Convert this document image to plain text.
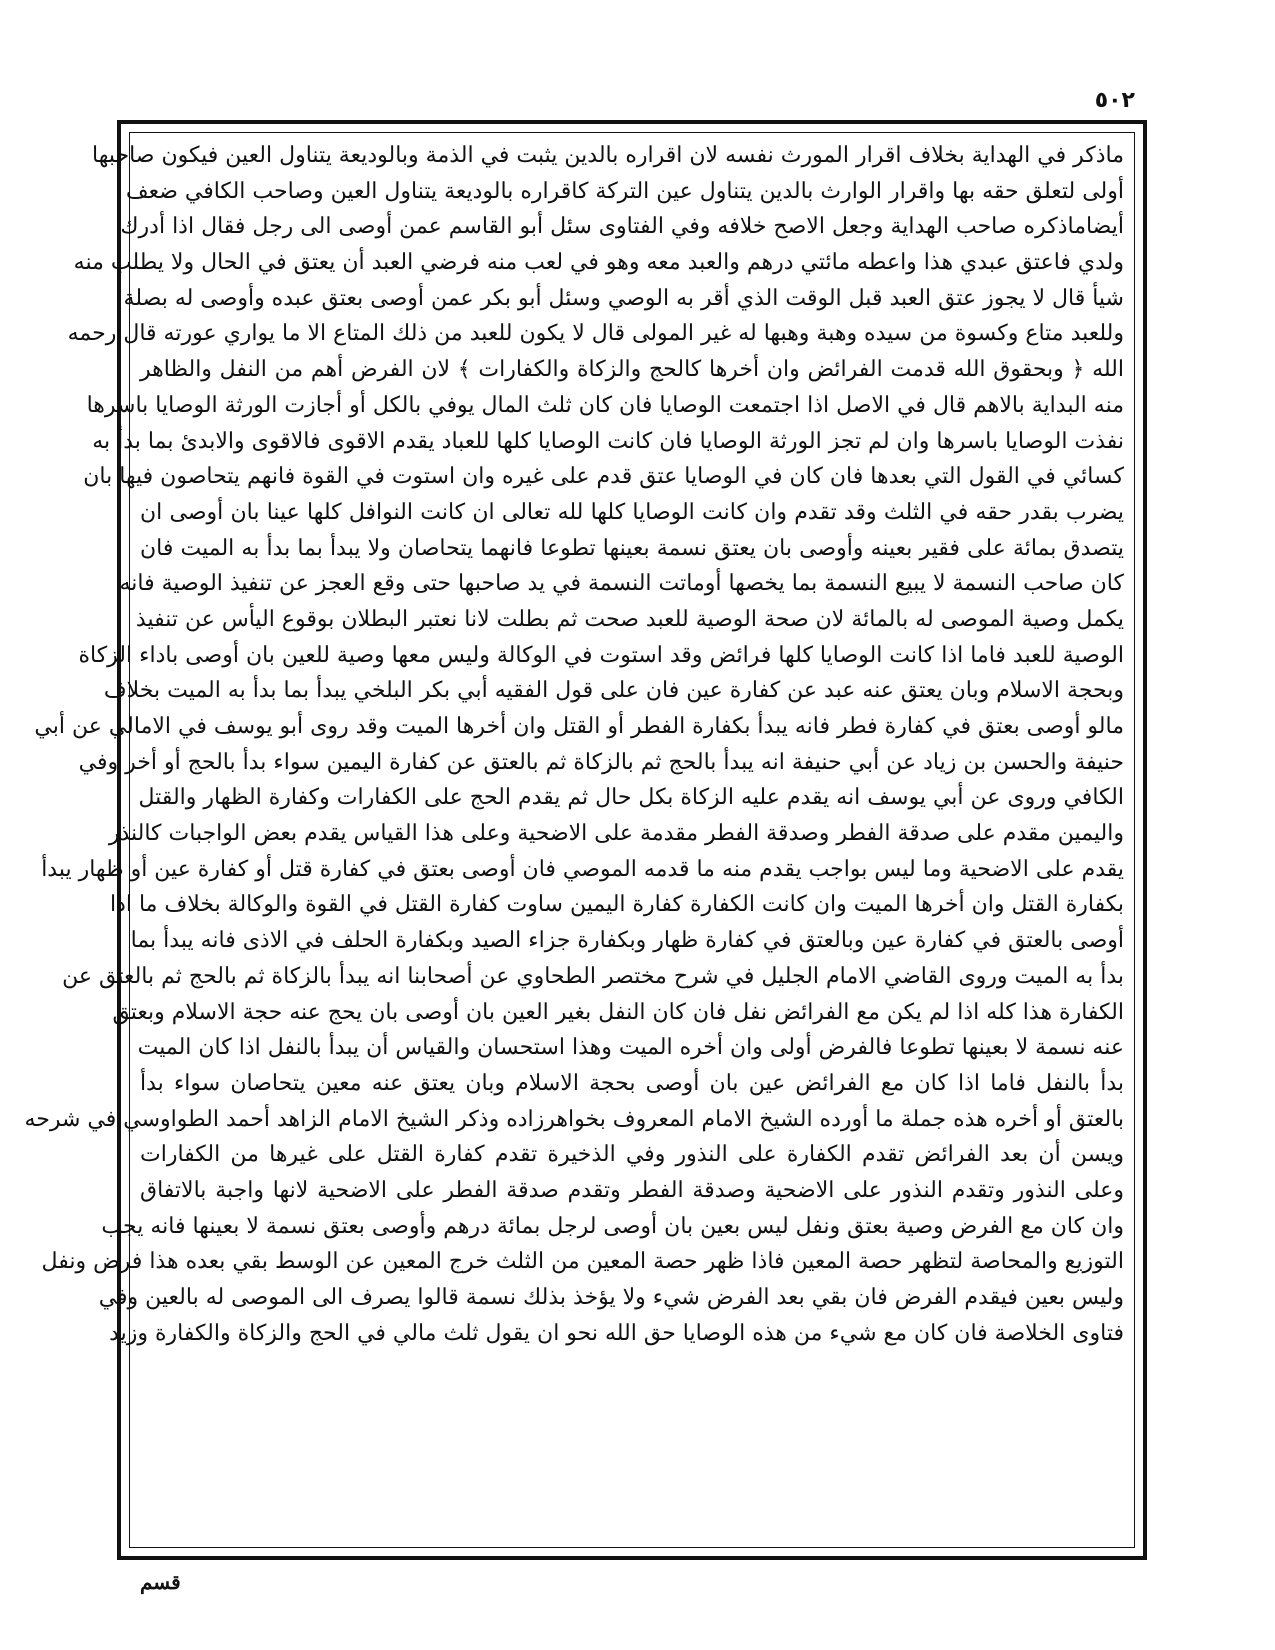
٥٠٢
ماذكر في الهداية بخلاف اقرار المورث نفسه لان اقراره بالدين يثبت في الذمة وبالوديعة يتناول العين فيكون صاحبها
أولى لتعلق حقه بها واقرار الوارث بالدين يتناول عين التركة كاقراره بالوديعة يتناول العين وصاحب الكافي ضعف
أيضاماذكره صاحب الهداية وجعل الاصح خلافه وفي الفتاوى سئل أبو القاسم عمن أوصى الى رجل فقال اذا أدرك
ولدي فاعتق عبدي هذا واعطه مائتي درهم والعبد معه وهو في لعب منه فرضي العبد أن يعتق في الحال ولا يطلب منه
شيأ قال لا يجوز عتق العبد قبل الوقت الذي أقر به الوصي وسئل أبو بكر عمن أوصى بعتق عبده وأوصى له بصلة
وللعبد متاع وكسوة من سيده وهبة وهبها له غير المولى قال لا يكون للعبد من ذلك المتاع الا ما يواري عورته قال رحمه
الله ﴿ وبحقوق الله قدمت الفرائض وان أخرها كالحج والزكاة والكفارات ﴾ لان الفرض أهم من النفل والظاهر
منه البداية بالاهم قال في الاصل اذا اجتمعت الوصايا فان كان ثلث المال يوفي بالكل أو أجازت الورثة الوصايا باسرها
نفذت الوصايا باسرها وان لم تجز الورثة الوصايا فان كانت الوصايا كلها للعباد يقدم الاقوى فالاقوى والابدئ بما بدأ به
كسائي في القول التي بعدها فان كان في الوصايا عتق قدم على غيره وان استوت في القوة فانهم يتحاصون فيها بان
يضرب بقدر حقه في الثلث وقد تقدم وان كانت الوصايا كلها لله تعالى ان كانت النوافل كلها عينا بان أوصى ان
يتصدق بمائة على فقير بعينه وأوصى بان يعتق نسمة بعينها تطوعا فانهما يتحاصان ولا يبدأ بما بدأ به الميت فان
كان صاحب النسمة لا يبيع النسمة بما يخصها أوماتت النسمة في يد صاحبها حتى وقع العجز عن تنفيذ الوصية فانه
يكمل وصية الموصى له بالمائة لان صحة الوصية للعبد صحت ثم بطلت لانا نعتبر البطلان بوقوع اليأس عن تنفيذ
الوصية للعبد فاما اذا كانت الوصايا كلها فرائض وقد استوت في الوكالة وليس معها وصية للعين بان أوصى باداء الزكاة
وبحجة الاسلام وبان يعتق عنه عبد عن كفارة عين فان على قول الفقيه أبي بكر البلخي يبدأ بما بدأ به الميت بخلاف
مالو أوصى بعتق في كفارة فطر فانه يبدأ بكفارة الفطر أو القتل وان أخرها الميت وقد روى أبو يوسف في الامالي عن أبي
حنيفة والحسن بن زياد عن أبي حنيفة انه يبدأ بالحج ثم بالزكاة ثم بالعتق عن كفارة اليمين سواء بدأ بالحج أو أخر وفي
الكافي وروى عن أبي يوسف انه يقدم عليه الزكاة بكل حال ثم يقدم الحج على الكفارات وكفارة الظهار والقتل
واليمين مقدم على صدقة الفطر وصدقة الفطر مقدمة على الاضحية وعلى هذا القياس يقدم بعض الواجبات كالنذر
يقدم على الاضحية وما ليس بواجب يقدم منه ما قدمه الموصي فان أوصى بعتق في كفارة قتل أو كفارة عين أو ظهار يبدأ
بكفارة القتل وان أخرها الميت وان كانت الكفارة كفارة اليمين ساوت كفارة القتل في القوة والوكالة بخلاف ما اذا
أوصى بالعتق في كفارة عين وبالعتق في كفارة ظهار وبكفارة جزاء الصيد وبكفارة الحلف في الاذى فانه يبدأ بما
بدأ به الميت وروى القاضي الامام الجليل في شرح مختصر الطحاوي عن أصحابنا انه يبدأ بالزكاة ثم بالحج ثم بالعتق عن
الكفارة هذا كله اذا لم يكن مع الفرائض نفل فان كان النفل بغير العين بان أوصى بان يحج عنه حجة الاسلام وبعتق
عنه نسمة لا بعينها تطوعا فالفرض أولى وان أخره الميت وهذا استحسان والقياس أن يبدأ بالنفل اذا كان الميت
بدأ بالنفل فاما اذا كان مع الفرائض عين بان أوصى بحجة الاسلام وبان يعتق عنه معين يتحاصان سواء بدأ
بالعتق أو أخره هذه جملة ما أورده الشيخ الامام المعروف بخواهرزاده وذكر الشيخ الامام الزاهد أحمد الطواوسي في شرحه
ويسن أن بعد الفرائض تقدم الكفارة على النذور وفي الذخيرة تقدم كفارة القتل على غيرها من الكفارات
وعلى النذور وتقدم النذور على الاضحية وصدقة الفطر وتقدم صدقة الفطر على الاضحية لانها واجبة بالاتفاق
وان كان مع الفرض وصية بعتق ونفل ليس بعين بان أوصى لرجل بمائة درهم وأوصى بعتق نسمة لا بعينها فانه يجب
التوزيع والمحاصة لتظهر حصة المعين فاذا ظهر حصة المعين من الثلث خرج المعين عن الوسط بقي بعده هذا فرض ونفل
وليس بعين فيقدم الفرض فان بقي بعد الفرض شيء ولا يؤخذ بذلك نسمة قالوا يصرف الى الموصى له بالعين وفي
فتاوى الخلاصة فان كان مع شيء من هذه الوصايا حق الله نحو ان يقول ثلث مالي في الحج والزكاة والكفارة وزيد
قسم
